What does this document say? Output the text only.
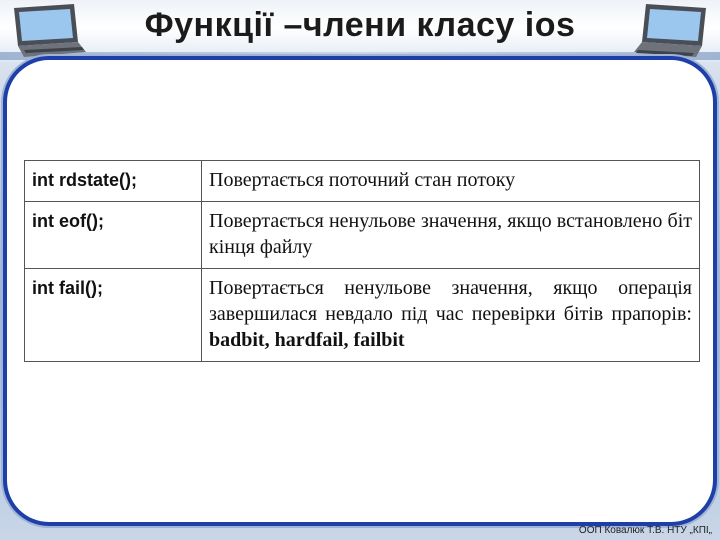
Функції –члени класу ios
int rdstate();	Повертається поточний стан потоку
int eof();	Повертається ненульове значення, якщо встановлено біт кінця файлу
int fail();	Повертається ненульове значення, якщо операція завершилася невдало під час перевірки бітів прапорів: badbit, hardfail, failbit
ООП Ковалюк Т.В. НТУ „КПІ„
